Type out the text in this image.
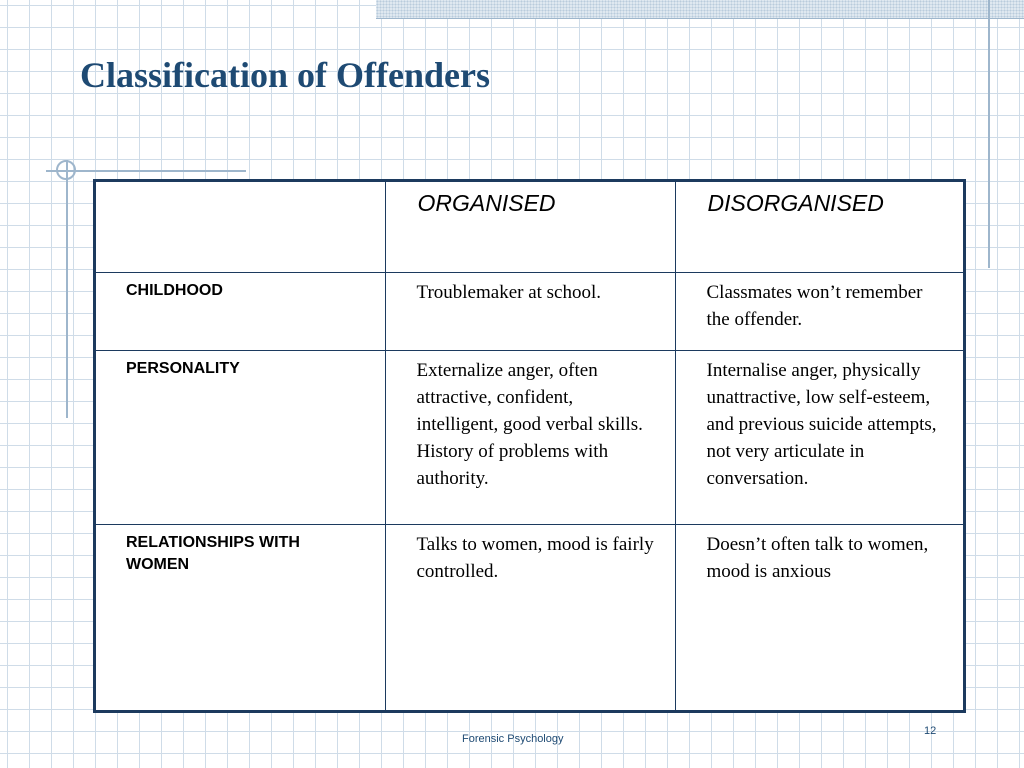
Classification of Offenders
	ORGANISED	DISORGANISED
CHILDHOOD	Troublemaker at school.	Classmates won’t remember the offender.
PERSONALITY	Externalize anger, often attractive, confident, intelligent, good verbal skills. History of problems with authority.	Internalise anger, physically unattractive, low self-esteem, and previous suicide attempts, not very articulate in conversation.
RELATIONSHIPS WITH WOMEN	Talks to women, mood is fairly controlled.	Doesn’t often talk to women, mood is anxious
Forensic Psychology
12
